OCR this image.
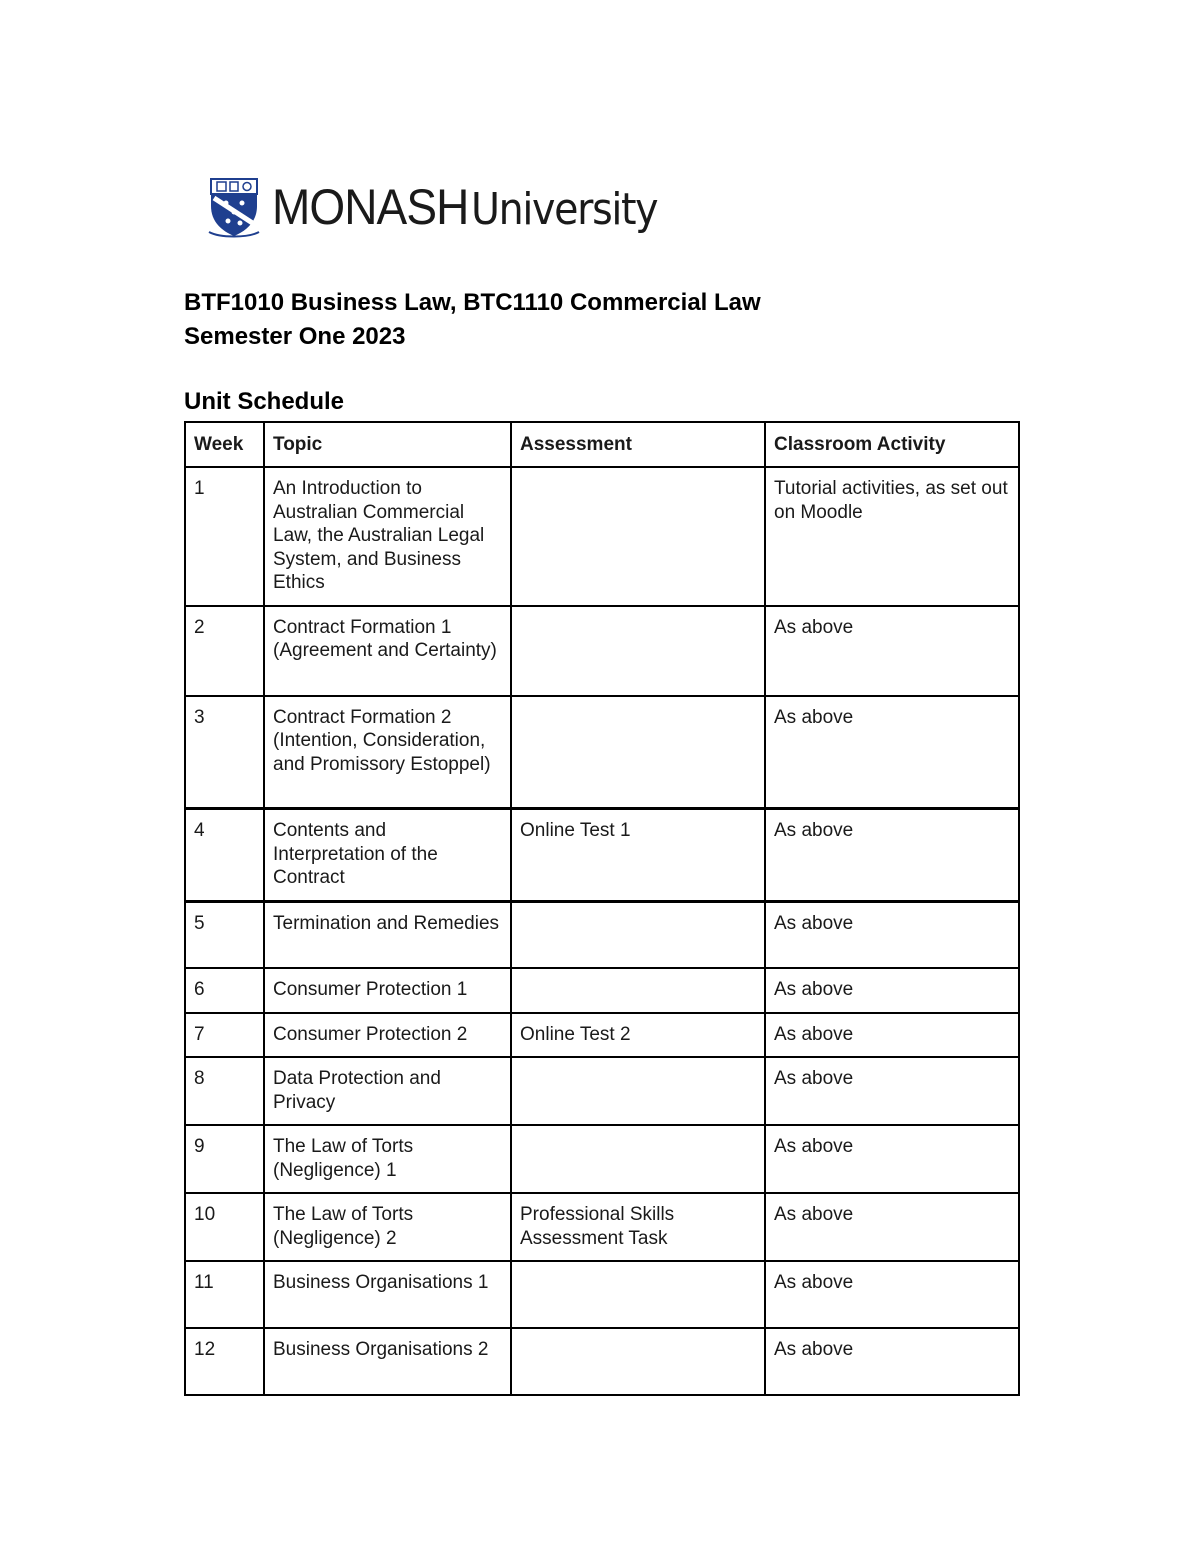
MONASH University
BTF1010 Business Law, BTC1110 Commercial Law
Semester One 2023
Unit Schedule
Week	Topic	Assessment	Classroom Activity
1	An Introduction to Australian Commercial Law, the Australian Legal System, and Business Ethics		Tutorial activities, as set out on Moodle
2	Contract Formation 1 (Agreement and Certainty)		As above
3	Contract Formation 2 (Intention, Consideration, and Promissory Estoppel)		As above
4	Contents and Interpretation of the Contract	Online Test 1	As above
5	Termination and Remedies		As above
6	Consumer Protection 1		As above
7	Consumer Protection 2	Online Test 2	As above
8	Data Protection and Privacy		As above
9	The Law of Torts (Negligence) 1		As above
10	The Law of Torts (Negligence) 2	Professional Skills Assessment Task	As above
11	Business Organisations 1		As above
12	Business Organisations 2		As above
